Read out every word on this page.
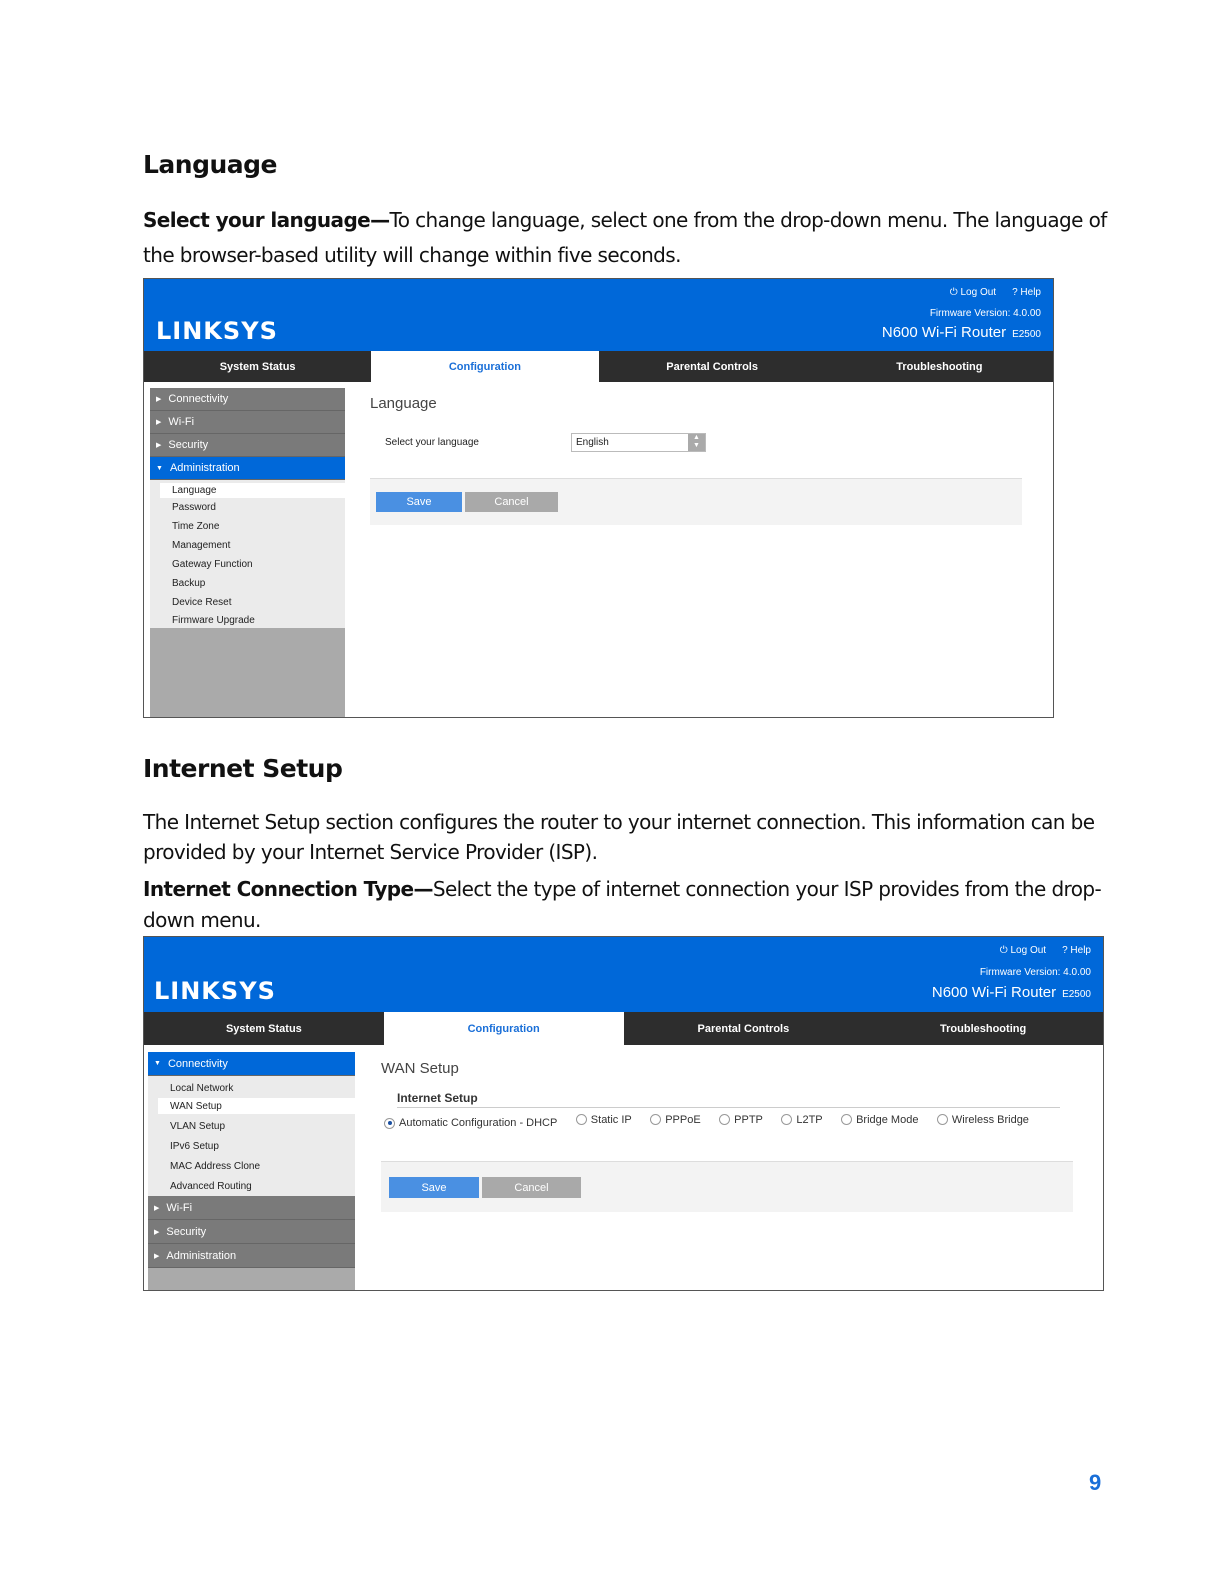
Language
Select your language—To change language, select one from the drop-down menu. The language of the browser-based utility will change within five seconds.
⏻ Log Out ? Help
Firmware Version: 4.0.00
N600 Wi-Fi Router E2500
LINKSYS
System Status	Configuration	Parental Controls	Troubleshooting
▶ Connectivity
▶ Wi-Fi
▶ Security
▼ Administration
Language
Password
Time Zone
Management
Gateway Function
Backup
Device Reset
Firmware Upgrade
Language
Select your language	English	▲
▼
Save	Cancel
Internet Setup
The Internet Setup section configures the router to your internet connection. This information can be provided by your Internet Service Provider (ISP).
Internet Connection Type—Select the type of internet connection your ISP provides from the drop-down menu.
⏻ Log Out ? Help
Firmware Version: 4.0.00
N600 Wi-Fi Router E2500
LINKSYS
System Status	Configuration	Parental Controls	Troubleshooting
▼ Connectivity
Local Network
WAN Setup
VLAN Setup
IPv6 Setup
MAC Address Clone
Advanced Routing
▶ Wi-Fi
▶ Security
▶ Administration
WAN Setup
Internet Setup
Automatic Configuration - DHCP
	Static IP
	PPPoE
	PPTP
	L2TP
	Bridge Mode
	Wireless Bridge
Save	Cancel
9
